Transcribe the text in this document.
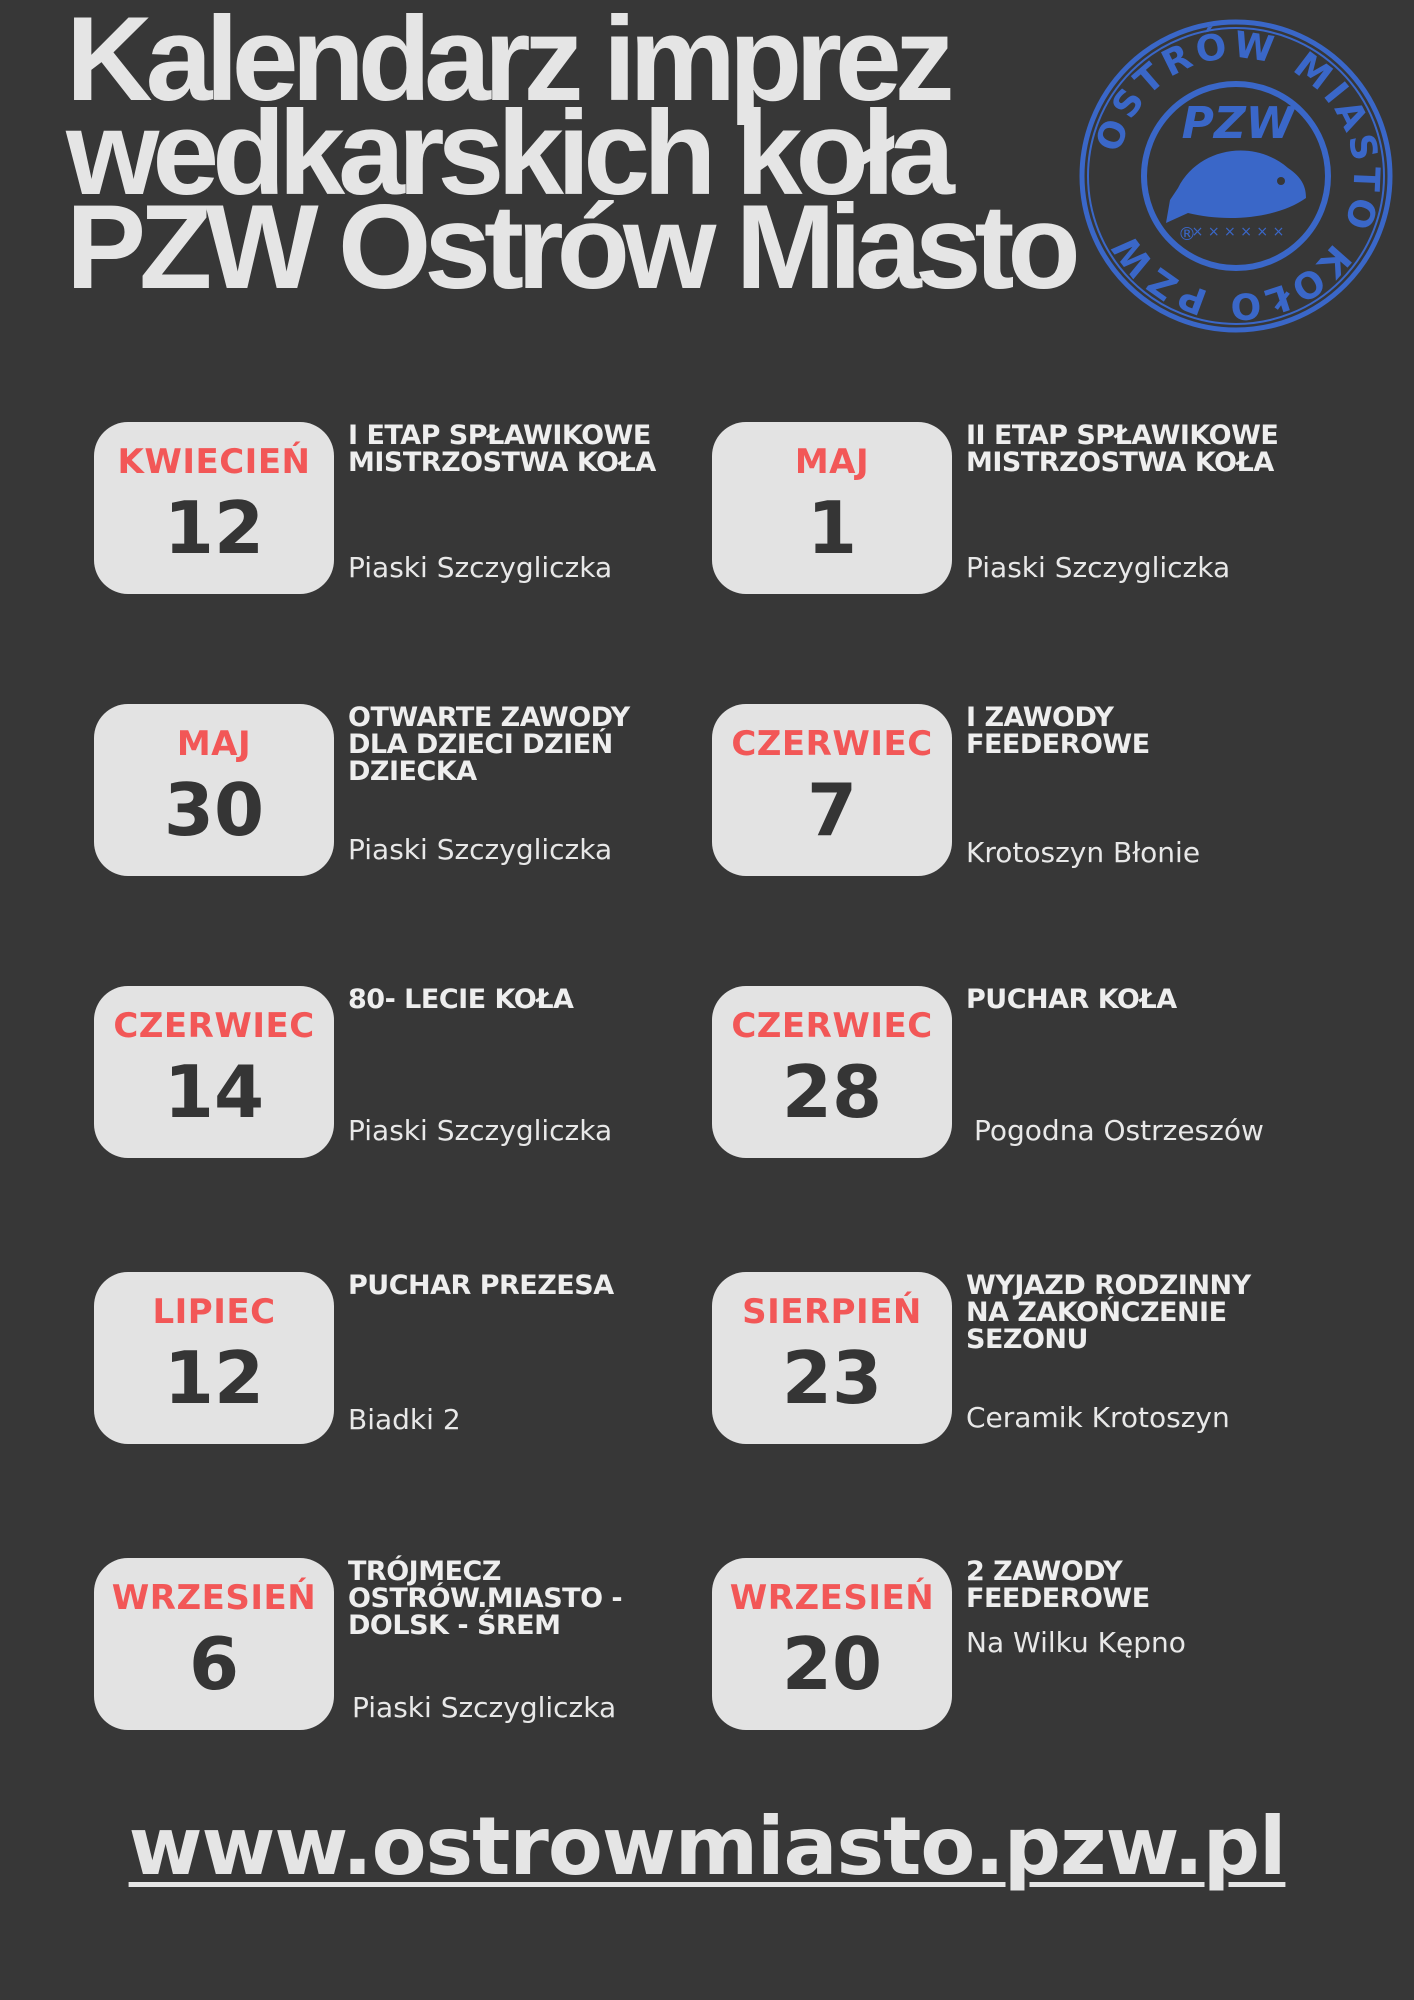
Kalendarz imprez
wedkarskich koła
PZW Ostrów Miasto
OSTRÓW MIASTO KOŁO PZW
PZW
× × × × × ×
®
KWIECIEŃ
12
I ETAP SPŁAWIKOWE MISTRZOSTWA KOŁA
Piaski Szczygliczka
MAJ
1
II ETAP SPŁAWIKOWE MISTRZOSTWA KOŁA
Piaski Szczygliczka
MAJ
30
OTWARTE ZAWODY DLA DZIECI DZIEŃ DZIECKA
Piaski Szczygliczka
CZERWIEC
7
I ZAWODY FEEDEROWE
Krotoszyn Błonie
CZERWIEC
14
80- LECIE KOŁA
Piaski Szczygliczka
CZERWIEC
28
PUCHAR KOŁA
Pogodna Ostrzeszów
LIPIEC
12
PUCHAR PREZESA
Biadki 2
SIERPIEŃ
23
WYJAZD RODZINNY NA ZAKOŃCZENIE SEZONU
Ceramik Krotoszyn
WRZESIEŃ
6
TRÓJMECZ OSTRÓW.MIASTO - DOLSK - ŚREM
Piaski Szczygliczka
WRZESIEŃ
20
2 ZAWODY FEEDEROWE
Na Wilku Kępno
www.ostrowmiasto.pzw.pl
